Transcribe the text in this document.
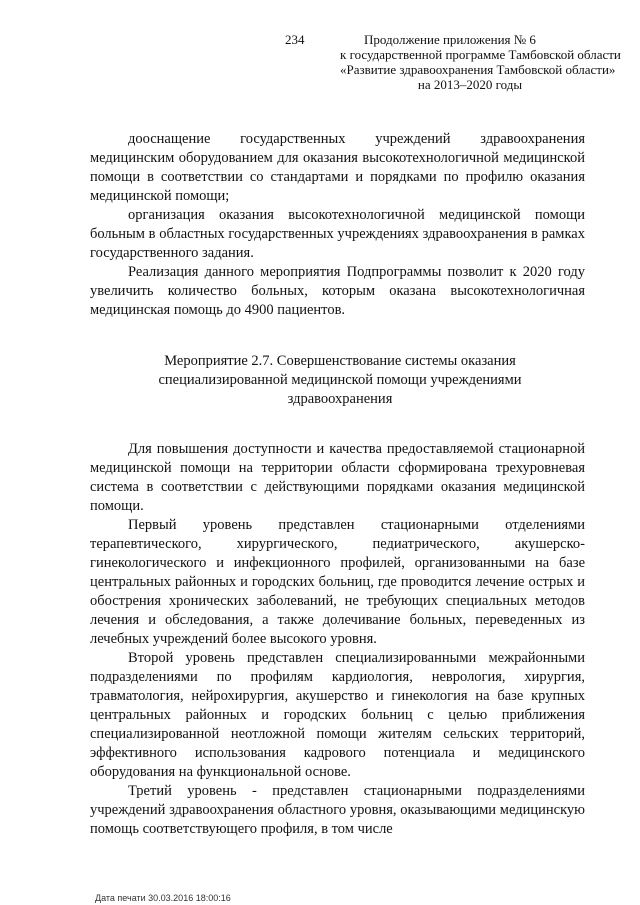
234	Продолжение приложения № 6
к государственной программе Тамбовской области
«Развитие здравоохранения Тамбовской области»
на 2013–2020 годы

дооснащение государственных учреждений здравоохранения медицинским оборудованием для оказания высокотехнологичной медицинской помощи в соответствии со стандартами и порядками по профилю оказания медицинской помощи;

организация оказания высокотехнологичной медицинской помощи больным в областных государственных учреждениях здравоохранения в рамках государственного задания.

Реализация данного мероприятия Подпрограммы позволит к 2020 году увеличить количество больных, которым оказана высокотехнологичная медицинская помощь до 4900 пациентов.

Мероприятие 2.7. Совершенствование системы оказания специализированной медицинской помощи учреждениями здравоохранения

Для повышения доступности и качества предоставляемой стационарной медицинской помощи на территории области сформирована трехуровневая система в соответствии с действующими порядками оказания медицинской помощи.

Первый уровень представлен стационарными отделениями терапевтического, хирургического, педиатрического, акушерско-гинекологического и инфекционного профилей, организованными на базе центральных районных и городских больниц, где проводится лечение острых и обострения хронических заболеваний, не требующих специальных методов лечения и обследования, а также долечивание больных, переведенных из лечебных учреждений более высокого уровня.

Второй уровень представлен специализированными межрайонными подразделениями по профилям кардиология, неврология, хирургия, травматология, нейрохирургия, акушерство и гинекология на базе крупных центральных районных и городских больниц с целью приближения специализированной неотложной помощи жителям сельских территорий, эффективного использования кадрового потенциала и медицинского оборудования на функциональной основе.

Третий уровень - представлен стационарными подразделениями учреждений здравоохранения областного уровня, оказывающими медицинскую помощь соответствующего профиля, в том числе

Дата печати 30.03.2016 18:00:16
